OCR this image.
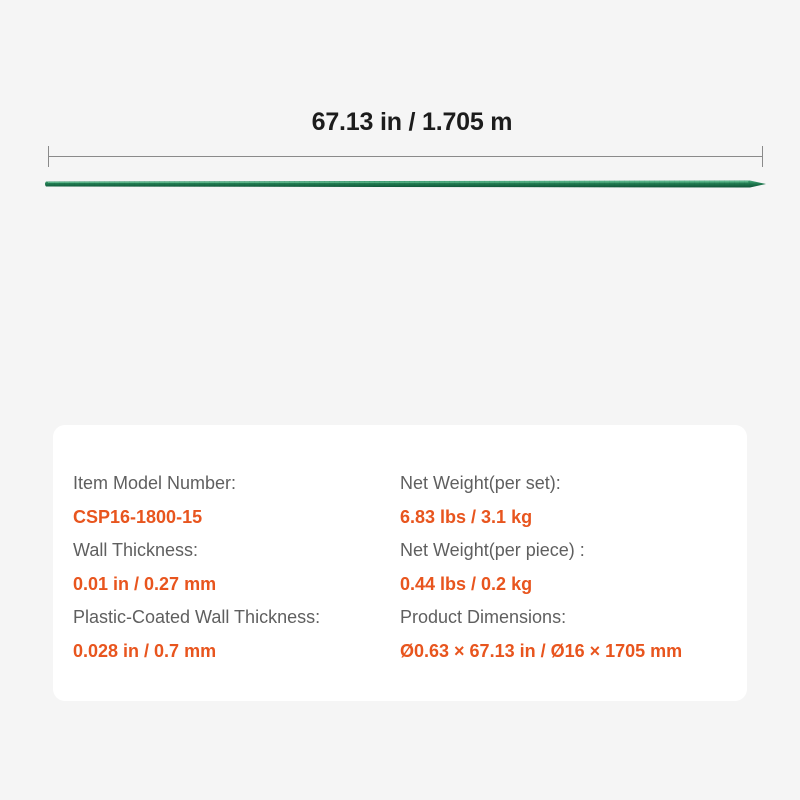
67.13 in / 1.705 m
Item Model Number:
CSP16-1800-15
Wall Thickness:
0.01 in / 0.27 mm
Plastic-Coated Wall Thickness:
0.028 in / 0.7 mm
Net Weight(per set):
6.83 lbs / 3.1 kg
Net Weight(per piece) :
0.44 lbs / 0.2 kg
Product Dimensions:
Ø0.63 × 67.13 in / Ø16 × 1705 mm
